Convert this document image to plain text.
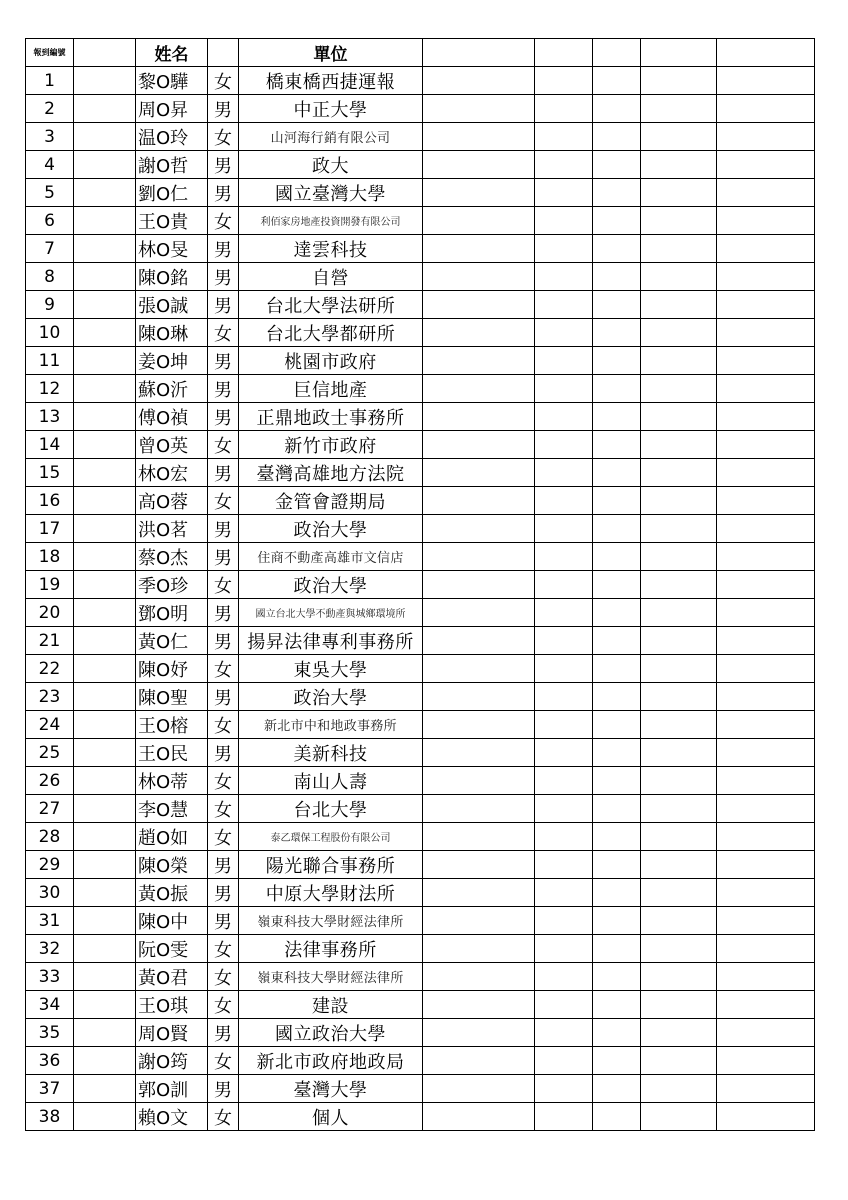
報到編號		姓名		單位					
1		黎O驊	女	橋東橋西捷運報					
2		周O昇	男	中正大學					
3		温O玲	女	山河海行銷有限公司					
4		謝O哲	男	政大					
5		劉O仁	男	國立臺灣大學					
6		王O貴	女	利佰家房地產投資開發有限公司					
7		林O旻	男	達雲科技					
8		陳O銘	男	自營					
9		張O誠	男	台北大學法研所					
10		陳O琳	女	台北大學都研所					
11		姜O坤	男	桃園市政府					
12		蘇O沂	男	巨信地產					
13		傅O禎	男	正鼎地政士事務所					
14		曾O英	女	新竹市政府					
15		林O宏	男	臺灣高雄地方法院					
16		高O蓉	女	金管會證期局					
17		洪O茗	男	政治大學					
18		蔡O杰	男	住商不動產高雄市文信店					
19		季O珍	女	政治大學					
20		鄧O明	男	國立台北大學不動產與城鄉環境所					
21		黃O仁	男	揚昇法律專利事務所					
22		陳O妤	女	東吳大學					
23		陳O聖	男	政治大學					
24		王O榕	女	新北市中和地政事務所					
25		王O民	男	美新科技					
26		林O蒂	女	南山人壽					
27		李O慧	女	台北大學					
28		趙O如	女	泰乙環保工程股份有限公司					
29		陳O榮	男	陽光聯合事務所					
30		黃O振	男	中原大學財法所					
31		陳O中	男	嶺東科技大學財經法律所					
32		阮O雯	女	法律事務所					
33		黃O君	女	嶺東科技大學財經法律所					
34		王O琪	女	建設					
35		周O賢	男	國立政治大學					
36		謝O筠	女	新北市政府地政局					
37		郭O訓	男	臺灣大學					
38		賴O文	女	個人					
